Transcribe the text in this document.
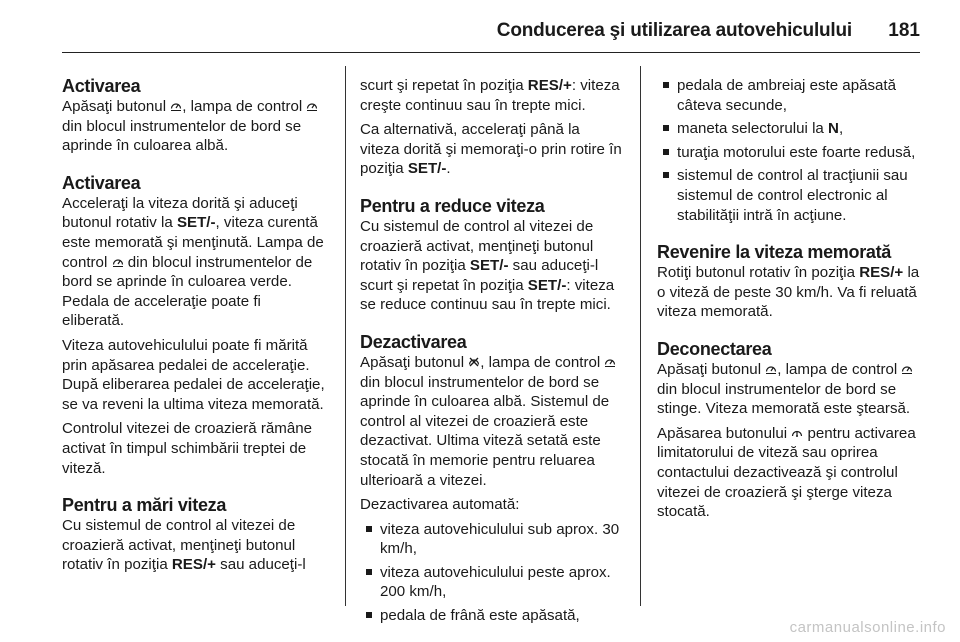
Conducerea şi utilizarea autovehiculului 181
Activarea

Apăsaţi butonul
, lampa de control
din blocul instrumentelor de bord se aprinde în culoarea albă.

Activarea

Acceleraţi la viteza dorită şi aduceţi butonul rotativ la SET/-, viteza curentă este memorată şi menţinută. Lampa de control
din blocul instrumentelor de bord se aprinde în culoarea verde. Pedala de acceleraţie poate fi eliberată.

Viteza autovehiculului poate fi mărită prin apăsarea pedalei de acceleraţie. După eliberarea pedalei de acceleraţie, se va reveni la ultima viteza memorată.

Controlul vitezei de croazieră rămâne activat în timpul schimbării treptei de viteză.

Pentru a mări viteza

Cu sistemul de control al vitezei de croazieră activat, menţineţi butonul rotativ în poziţia RES/+ sau aduceţi-l

scurt şi repetat în poziţia RES/+: viteza creşte continuu sau în trepte mici.

Ca alternativă, acceleraţi până la viteza dorită şi memoraţi-o prin rotire în poziţia SET/-.

Pentru a reduce viteza

Cu sistemul de control al vitezei de croazieră activat, menţineţi butonul rotativ în poziţia SET/- sau aduceţi-l scurt şi repetat în poziţia SET/-: viteza se reduce continuu sau în trepte mici.

Dezactivarea

Apăsaţi butonul
, lampa de control
din blocul instrumentelor de bord se aprinde în culoarea albă. Sistemul de control al vitezei de croazieră este dezactivat. Ultima viteză setată este stocată în memorie pentru reluarea ulterioară a vitezei.

Dezactivarea automată:

viteza autovehiculului sub aprox. 30 km/h,
viteza autovehiculului peste aprox. 200 km/h,
pedala de frână este apăsată,
pedala de ambreiaj este apăsată câteva secunde,
maneta selectorului la N,
turaţia motorului este foarte redusă,
sistemul de control al tracţiunii sau sistemul de control electronic al stabilităţii intră în acţiune.
Revenire la viteza memorată

Rotiţi butonul rotativ în poziţia RES/+ la o viteză de peste 30 km/h. Va fi reluată viteza memorată.

Deconectarea

Apăsaţi butonul
, lampa de control
din blocul instrumentelor de bord se stinge. Viteza memorată este ştearsă.

Apăsarea butonului
pentru activarea limitatorului de viteză sau oprirea contactului dezactivează şi controlul vitezei de croazieră şi şterge viteza stocată.

carmanualsonline.info
